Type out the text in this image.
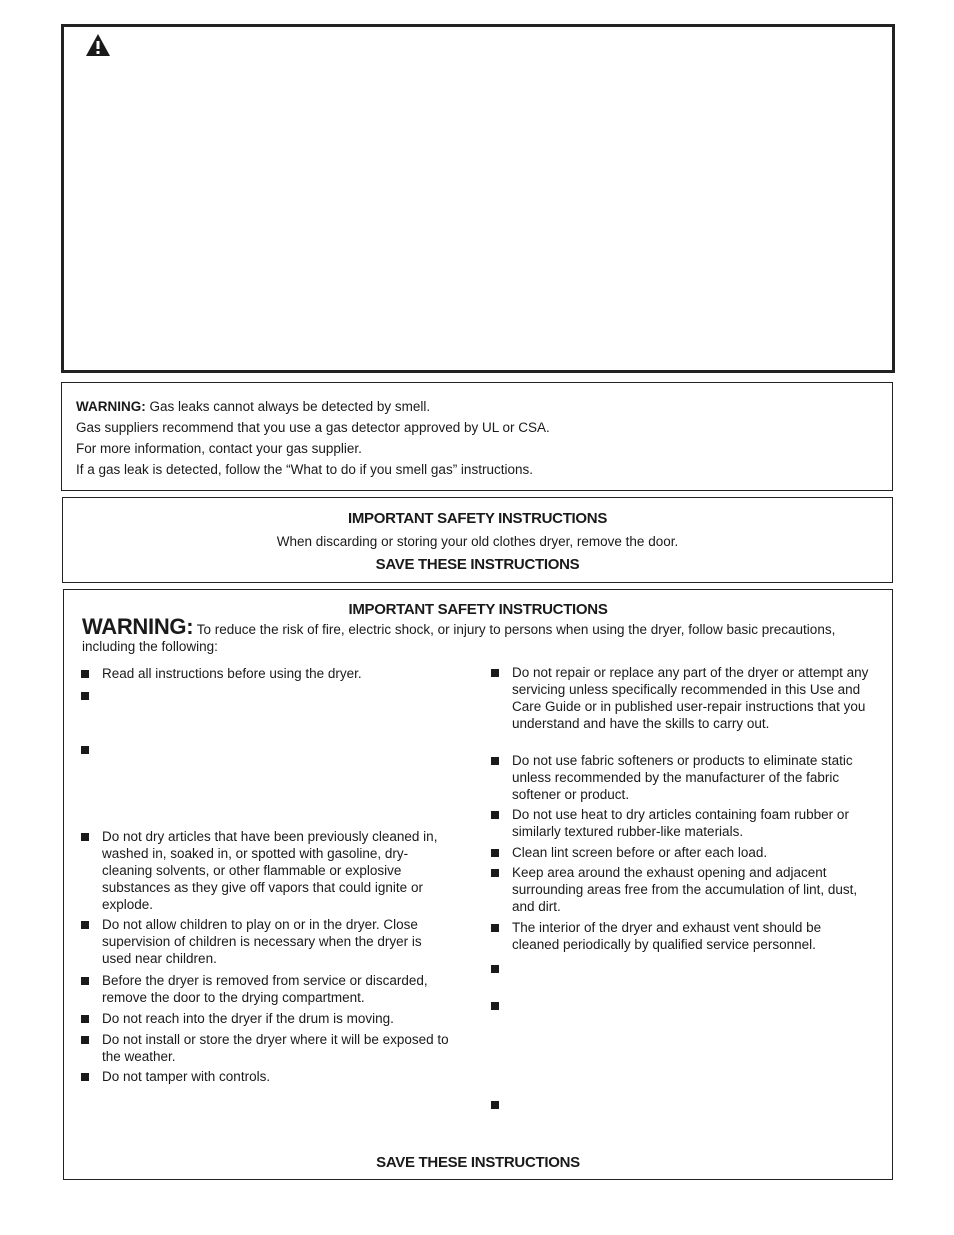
WARNING: Gas leaks cannot always be detected by smell.
Gas suppliers recommend that you use a gas detector approved by UL or CSA.
For more information, contact your gas supplier.
If a gas leak is detected, follow the “What to do if you smell gas” instructions.
IMPORTANT SAFETY INSTRUCTIONS
When discarding or storing your old clothes dryer, remove the door.
SAVE THESE INSTRUCTIONS
IMPORTANT SAFETY INSTRUCTIONS
WARNING: To reduce the risk of fire, electric shock, or injury to persons when using the dryer, follow basic precautions, including the following:
Read all instructions before using the dryer.
Do not dry articles that have been previously cleaned in, washed in, soaked in, or spotted with gasoline, dry-cleaning solvents, or other flammable or explosive substances as they give off vapors that could ignite or explode.
Do not allow children to play on or in the dryer. Close supervision of children is necessary when the dryer is used near children.
Before the dryer is removed from service or discarded, remove the door to the drying compartment.
Do not reach into the dryer if the drum is moving.
Do not install or store the dryer where it will be exposed to the weather.
Do not tamper with controls.
Do not repair or replace any part of the dryer or attempt any servicing unless specifically recommended in this Use and Care Guide or in published user-repair instructions that you understand and have the skills to carry out.
Do not use fabric softeners or products to eliminate static unless recommended by the manufacturer of the fabric softener or product.
Do not use heat to dry articles containing foam rubber or similarly textured rubber-like materials.
Clean lint screen before or after each load.
Keep area around the exhaust opening and adjacent surrounding areas free from the accumulation of lint, dust, and dirt.
The interior of the dryer and exhaust vent should be cleaned periodically by qualified service personnel.
SAVE THESE INSTRUCTIONS
